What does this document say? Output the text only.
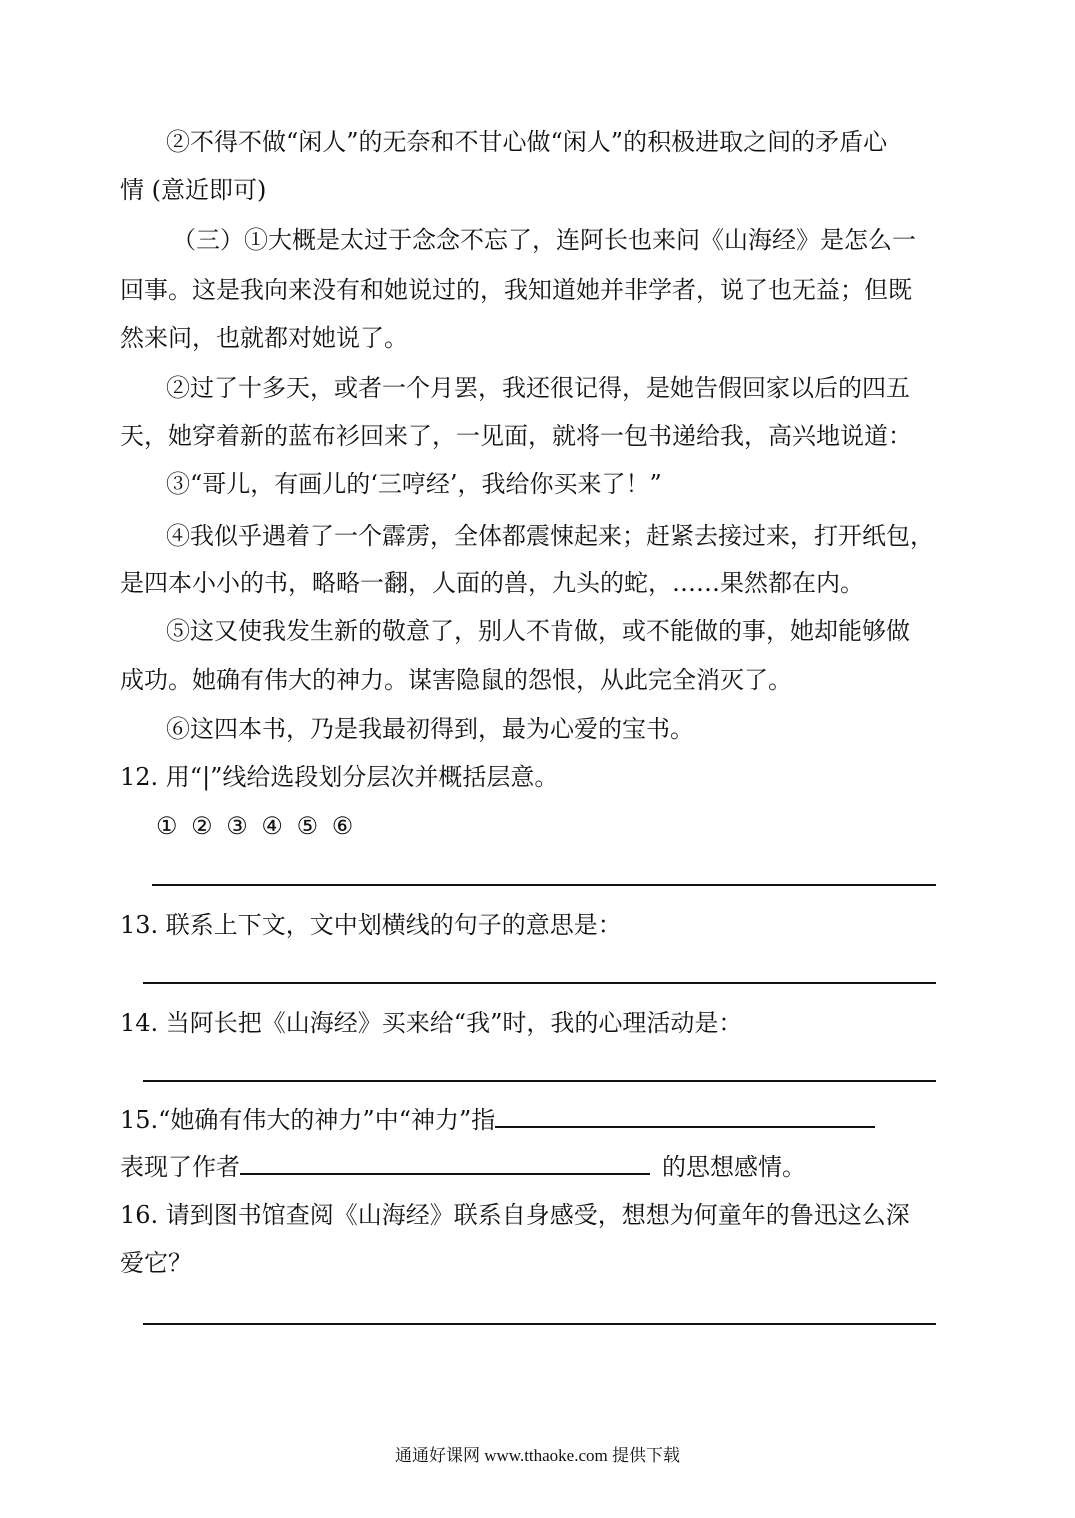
②不得不做“闲人”的无奈和不甘心做“闲人”的积极进取之间的矛盾心
情 (意近即可)
（三）①大概是太过于念念不忘了，连阿长也来问《山海经》是怎么一
回事。这是我向来没有和她说过的，我知道她并非学者，说了也无益；但既
然来问，也就都对她说了。
②过了十多天，或者一个月罢，我还很记得，是她告假回家以后的四五
天，她穿着新的蓝布衫回来了，一见面，就将一包书递给我，高兴地说道：
③“哥儿，有画儿的‘三哼经’，我给你买来了！”
④我似乎遇着了一个霹雳，全体都震悚起来；赶紧去接过来，打开纸包，
是四本小小的书，略略一翻，人面的兽，九头的蛇，……果然都在内。
⑤这又使我发生新的敬意了，别人不肯做，或不能做的事，她却能够做
成功。她确有伟大的神力。谋害隐鼠的怨恨，从此完全消灭了。
⑥这四本书，乃是我最初得到，最为心爱的宝书。
12. 用“|”线给选段划分层次并概括层意。
① ② ③ ④ ⑤ ⑥
13. 联系上下文，文中划横线的句子的意思是：
14. 当阿长把《山海经》买来给“我”时，我的心理活动是：
15.“她确有伟大的神力”中“神力”指
表现了作者	的思想感情。
16. 请到图书馆查阅《山海经》联系自身感受，想想为何童年的鲁迅这么深
爱它？
通通好课网 www.tthaoke.com 提供下载
